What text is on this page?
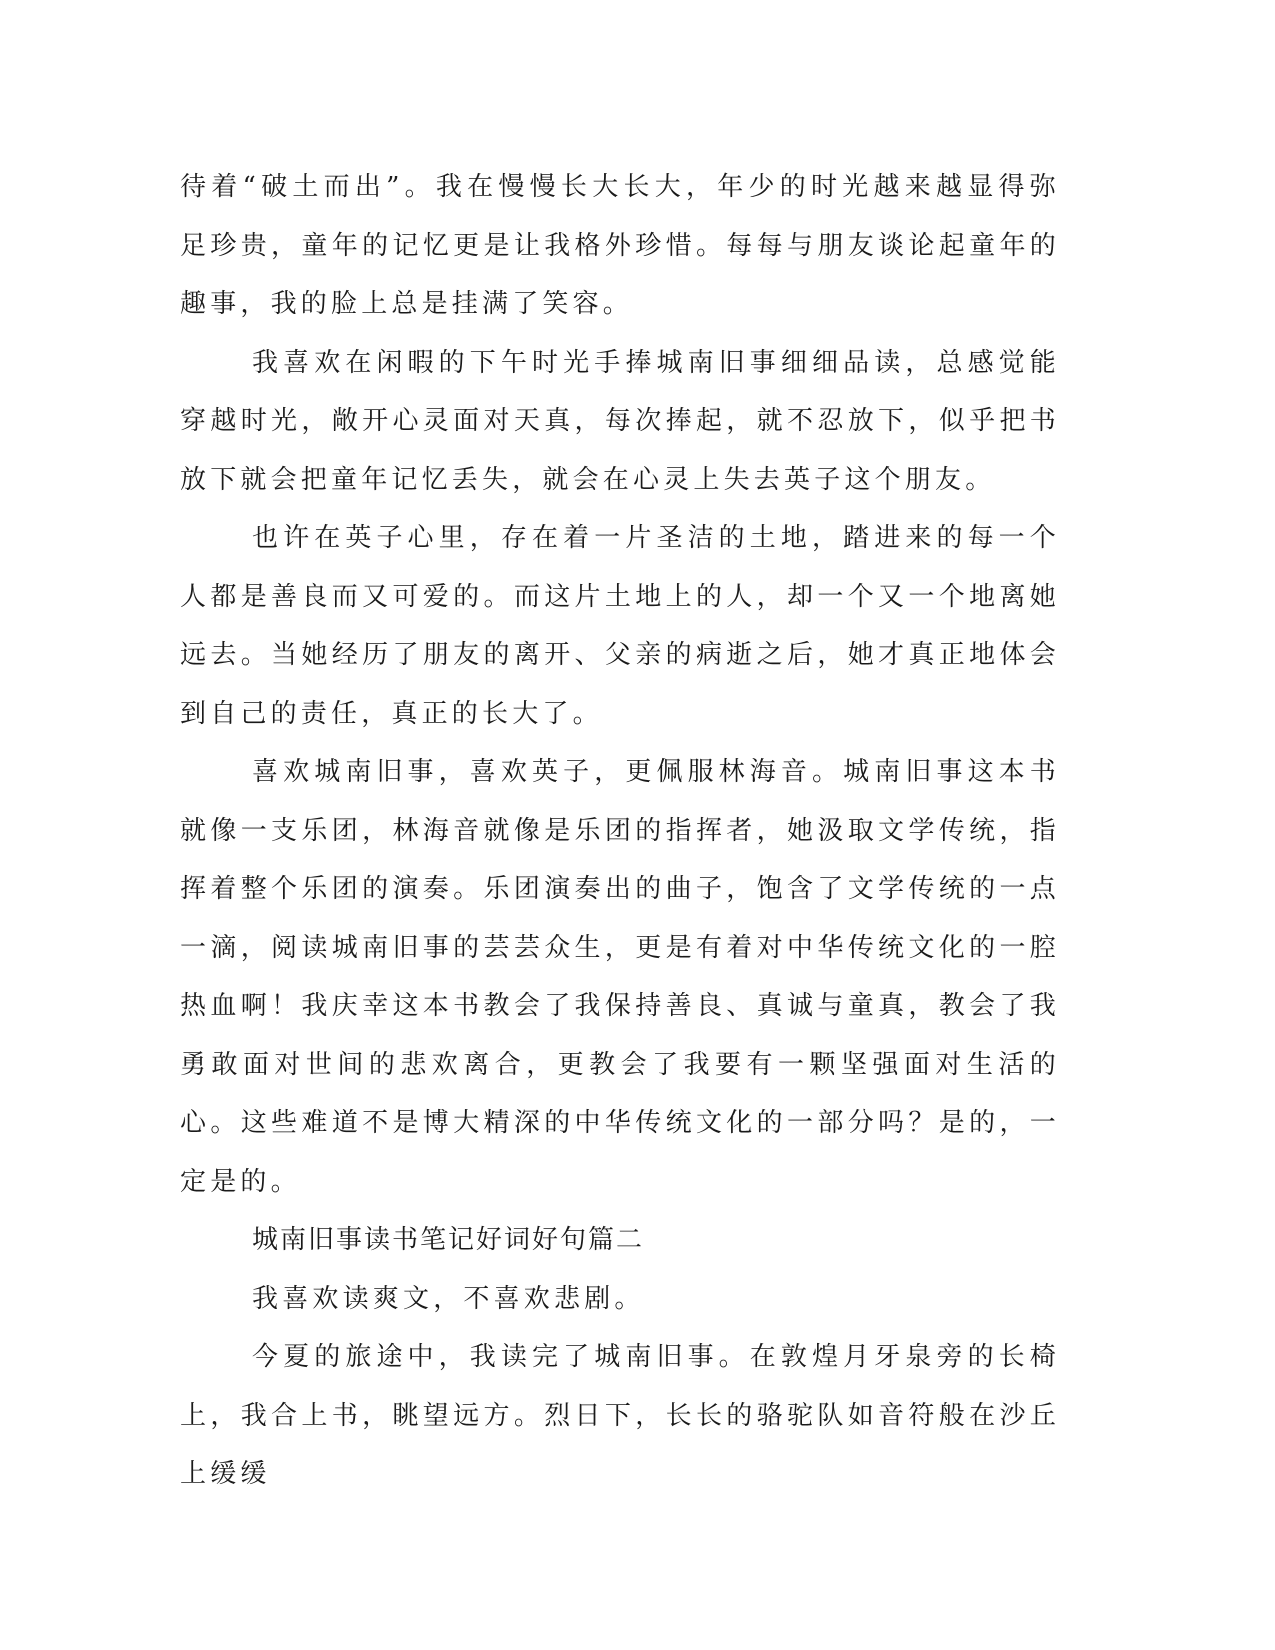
待着“破土而出”。我在慢慢长大长大，年少的时光越来越显得弥足珍贵，童年的记忆更是让我格外珍惜。每每与朋友谈论起童年的趣事，我的脸上总是挂满了笑容。

我喜欢在闲暇的下午时光手捧城南旧事细细品读，总感觉能穿越时光，敞开心灵面对天真，每次捧起，就不忍放下，似乎把书放下就会把童年记忆丢失，就会在心灵上失去英子这个朋友。

也许在英子心里，存在着一片圣洁的土地，踏进来的每一个人都是善良而又可爱的。而这片土地上的人，却一个又一个地离她远去。当她经历了朋友的离开、父亲的病逝之后，她才真正地体会到自己的责任，真正的长大了。

喜欢城南旧事，喜欢英子，更佩服林海音。城南旧事这本书就像一支乐团，林海音就像是乐团的指挥者，她汲取文学传统，指挥着整个乐团的演奏。乐团演奏出的曲子，饱含了文学传统的一点一滴，阅读城南旧事的芸芸众生，更是有着对中华传统文化的一腔热血啊！我庆幸这本书教会了我保持善良、真诚与童真，教会了我勇敢面对世间的悲欢离合，更教会了我要有一颗坚强面对生活的心。这些难道不是博大精深的中华传统文化的一部分吗？是的，一定是的。

城南旧事读书笔记好词好句篇二

我喜欢读爽文，不喜欢悲剧。

今夏的旅途中，我读完了城南旧事。在敦煌月牙泉旁的长椅上，我合上书，眺望远方。烈日下，长长的骆驼队如音符般在沙丘上缓缓
